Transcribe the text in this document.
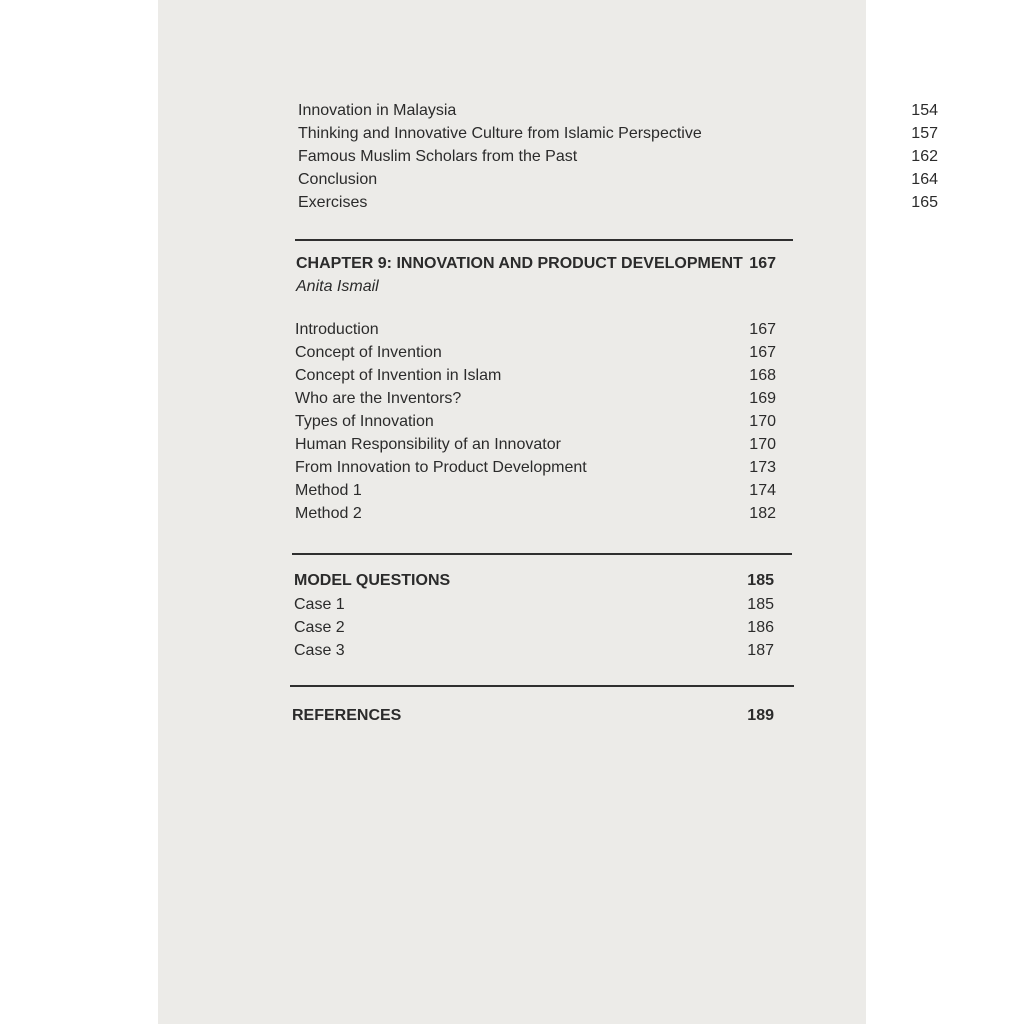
Innovation in Malaysia	154
Thinking and Innovative Culture from Islamic Perspective	157
Famous Muslim Scholars from the Past	162
Conclusion	164
Exercises	165
CHAPTER 9: INNOVATION AND PRODUCT DEVELOPMENT 167
Anita Ismail
Introduction	167
Concept of Invention	167
Concept of Invention in Islam	168
Who are the Inventors?	169
Types of Innovation	170
Human Responsibility of an Innovator	170
From Innovation to Product Development	173
Method 1	174
Method 2	182
MODEL QUESTIONS	185
Case 1	185
Case 2	186
Case 3	187
REFERENCES	189
